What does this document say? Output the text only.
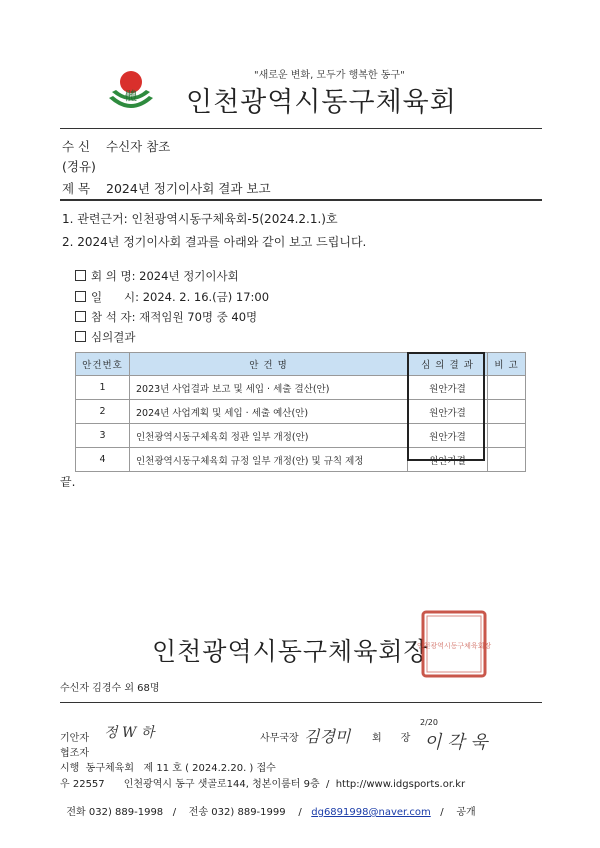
"새로운 변화, 모두가 행복한 동구"
體 인천광역시동구체육회
수 신 수신자 참조
(경유)
제 목 2024년 정기이사회 결과 보고
1. 관련근거: 인천광역시동구체육회-5(2024.2.1.)호
2. 2024년 정기이사회 결과를 아래와 같이 보고 드립니다.
회 의 명: 2024년 정기이사회
일      시: 2024. 2. 16.(금) 17:00
참 석 자: 재적임원 70명 중 40명
심의결과
안건번호	안 건 명	심 의 결 과	비 고
1	2023년 사업결과 보고 및 세입 · 세출 결산(안)	원안가결	
2	2024년 사업계획 및 세입 · 세출 예산(안)	원안가결	
3	인천광역시동구체육회 정관 일부 개정(안)	원안가결	
4	인천광역시동구체육회 규정 일부 개정(안) 및 규칙 제정	원안가결	
끝.
인천광역시동구체육회장
인천광역시동구체육회장
수신자 김경수 외 68명
기안자 정 W 하	사무국장 김경미 회      장
2/20
이 각 욱
협조자
시행  동구체육회   제 11 호 ( 2024.2.20. ) 접수
우 22557      인천광역시 동구 샛골로144, 청본이룸터 9층  /  http://www.idgsports.or.kr

전화 032) 889-1998 /    전송 032) 889-1999    / dg6891998@naver.com /    공개
